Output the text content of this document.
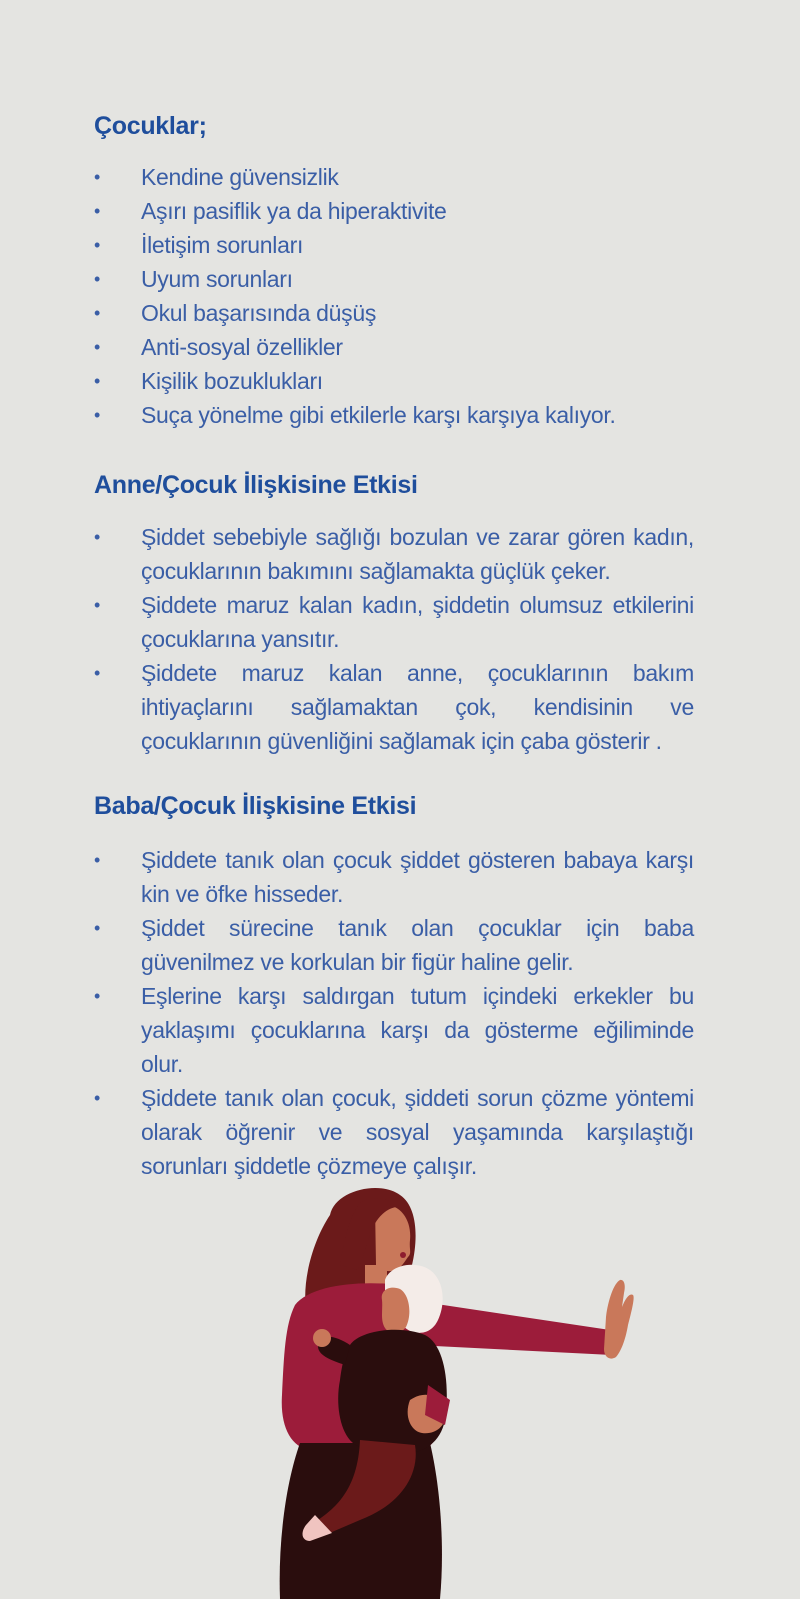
Çocuklar;
• Kendine güvensizlik
• Aşırı pasiflik ya da hiperaktivite
• İletişim sorunları
• Uyum sorunları
• Okul başarısında düşüş
• Anti-sosyal özellikler
• Kişilik bozuklukları
• Suça yönelme gibi etkilerle karşı karşıya kalıyor.
Anne/Çocuk İlişkisine Etkisi
• Şiddet sebebiyle sağlığı bozulan ve zarar gören kadın, çocuklarının bakımını sağlamakta güçlük çeker.
• Şiddete maruz kalan kadın, şiddetin olumsuz etkilerini çocuklarına yansıtır.
• Şiddete maruz kalan anne, çocuklarının bakım ihtiyaçlarını sağlamaktan çok, kendisinin ve çocuklarının güvenliğini sağlamak için çaba gösterir .
Baba/Çocuk İlişkisine Etkisi
• Şiddete tanık olan çocuk şiddet gösteren babaya karşı kin ve öfke hisseder.
• Şiddet sürecine tanık olan çocuklar için baba güvenilmez ve korkulan bir figür haline gelir.
• Eşlerine karşı saldırgan tutum içindeki erkekler bu yaklaşımı çocuklarına karşı da gösterme eğiliminde olur.
• Şiddete tanık olan çocuk, şiddeti sorun çözme yöntemi olarak öğrenir ve sosyal yaşamında karşılaştığı sorunları şiddetle çözmeye çalışır.
